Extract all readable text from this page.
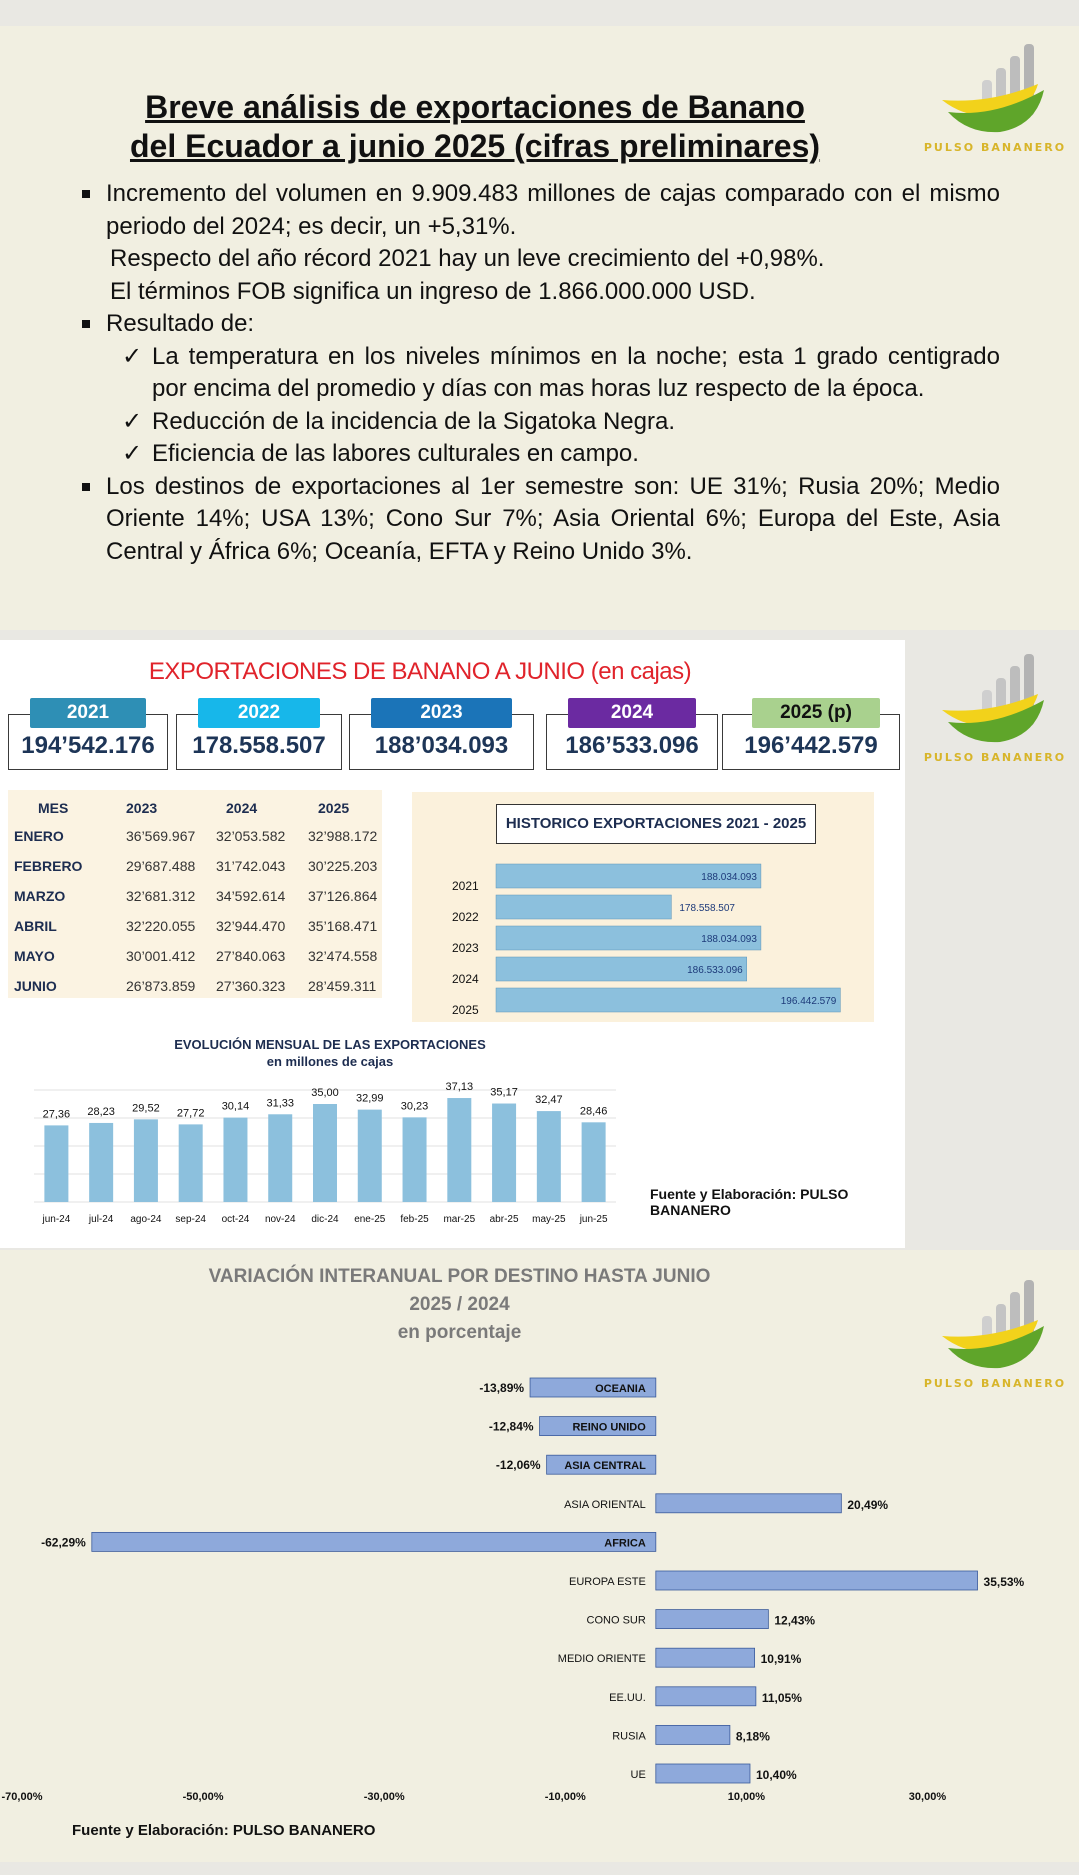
Breve análisis de exportaciones de Banano
del Ecuador a junio 2025 (cifras preliminares)	PULSO BANANERO
Incremento del volumen en 9.909.483 millones de cajas comparado con el mismo periodo del 2024; es decir, un +5,31%.
Respecto del año récord 2021 hay un leve crecimiento del +0,98%.
El términos FOB significa un ingreso de 1.866.000.000 USD.
Resultado de:
✓ La temperatura en los niveles mínimos en la noche; esta 1 grado centigrado por encima del promedio y días con mas horas luz respecto de la época.
✓ Reducción de la incidencia de la Sigatoka Negra.
✓ Eficiencia de las labores culturales en campo.
Los destinos de exportaciones al 1er semestre son: UE 31%; Rusia 20%; Medio Oriente 14%; USA 13%; Cono Sur 7%; Asia Oriental 6%; Europa del Este, Asia Central y África 6%; Oceanía, EFTA y Reino Unido 3%.
EXPORTACIONES DE BANANO A JUNIO (en cajas)
194’542.176
2021
178.558.507
2022
188’034.093
2023
186’533.096
2024
196’442.579
2025 (p)
MES	2023	2024	2025
ENERO	36’569.967 32’053.582 32’988.172
FEBRERO	29’687.488 31’742.043 30’225.203
MARZO	32’681.312 34’592.614 37’126.864
ABRIL	32’220.055 32’944.470 35’168.471
MAYO	30’001.412 27’840.063 32’474.558
JUNIO	26’873.859 27’360.323 28’459.311
HISTORICO EXPORTACIONES 2021 - 2025
2021
188.034.093
2022
178.558.507
2023
188.034.093
2024
186.533.096
2025
196.442.579
EVOLUCIÓN MENSUAL DE LAS EXPORTACIONES
en millones de cajas
27,36
jun-24
28,23
jul-24
29,52
ago-24
27,72
sep-24
30,14
oct-24
31,33
nov-24
35,00
dic-24
32,99
ene-25
30,23
feb-25
37,13
mar-25
35,17
abr-25
32,47
may-25
28,46
jun-25
Fuente y Elaboración: PULSO BANANERO
PULSO BANANERO
VARIACIÓN INTERANUAL POR DESTINO HASTA JUNIO
2025 / 2024
en porcentaje
OCEANIA
-13,89%
REINO UNIDO
-12,84%
ASIA CENTRAL
-12,06%
ASIA ORIENTAL	20,49%
AFRICA
-62,29%
EUROPA ESTE	35,53%
CONO SUR	12,43%
MEDIO ORIENTE	10,91%
EE.UU.	11,05%
RUSIA	8,18%
UE	10,40%
-70,00%	-50,00%	-30,00%	-10,00%	10,00%	30,00%
Fuente y Elaboración: PULSO BANANERO
PULSO BANANERO
